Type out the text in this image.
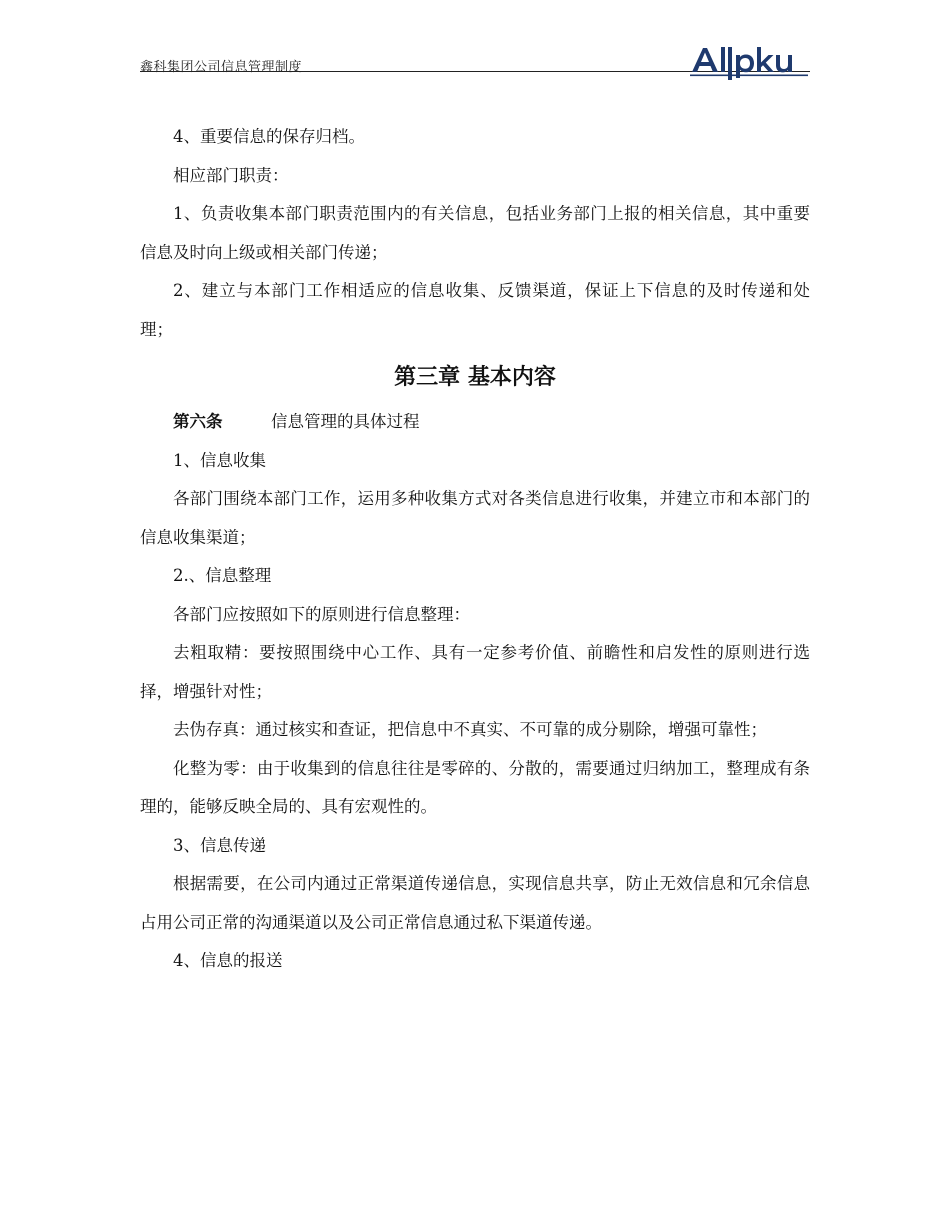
鑫科集团公司信息管理制度

4、重要信息的保存归档。

相应部门职责：

1、负责收集本部门职责范围内的有关信息，包括业务部门上报的相关信息，其中重要信息及时向上级或相关部门传递；

2、建立与本部门工作相适应的信息收集、反馈渠道，保证上下信息的及时传递和处理；

第三章 基本内容

第六条	信息管理的具体过程

1、信息收集

各部门围绕本部门工作，运用多种收集方式对各类信息进行收集，并建立市和本部门的信息收集渠道；

2.、信息整理

各部门应按照如下的原则进行信息整理：

去粗取精：要按照围绕中心工作、具有一定参考价值、前瞻性和启发性的原则进行选择，增强针对性；

去伪存真：通过核实和查证，把信息中不真实、不可靠的成分剔除，增强可靠性；

化整为零：由于收集到的信息往往是零碎的、分散的，需要通过归纳加工，整理成有条理的，能够反映全局的、具有宏观性的。

3、信息传递

根据需要，在公司内通过正常渠道传递信息，实现信息共享，防止无效信息和冗余信息占用公司正常的沟通渠道以及公司正常信息通过私下渠道传递。

4、信息的报送
